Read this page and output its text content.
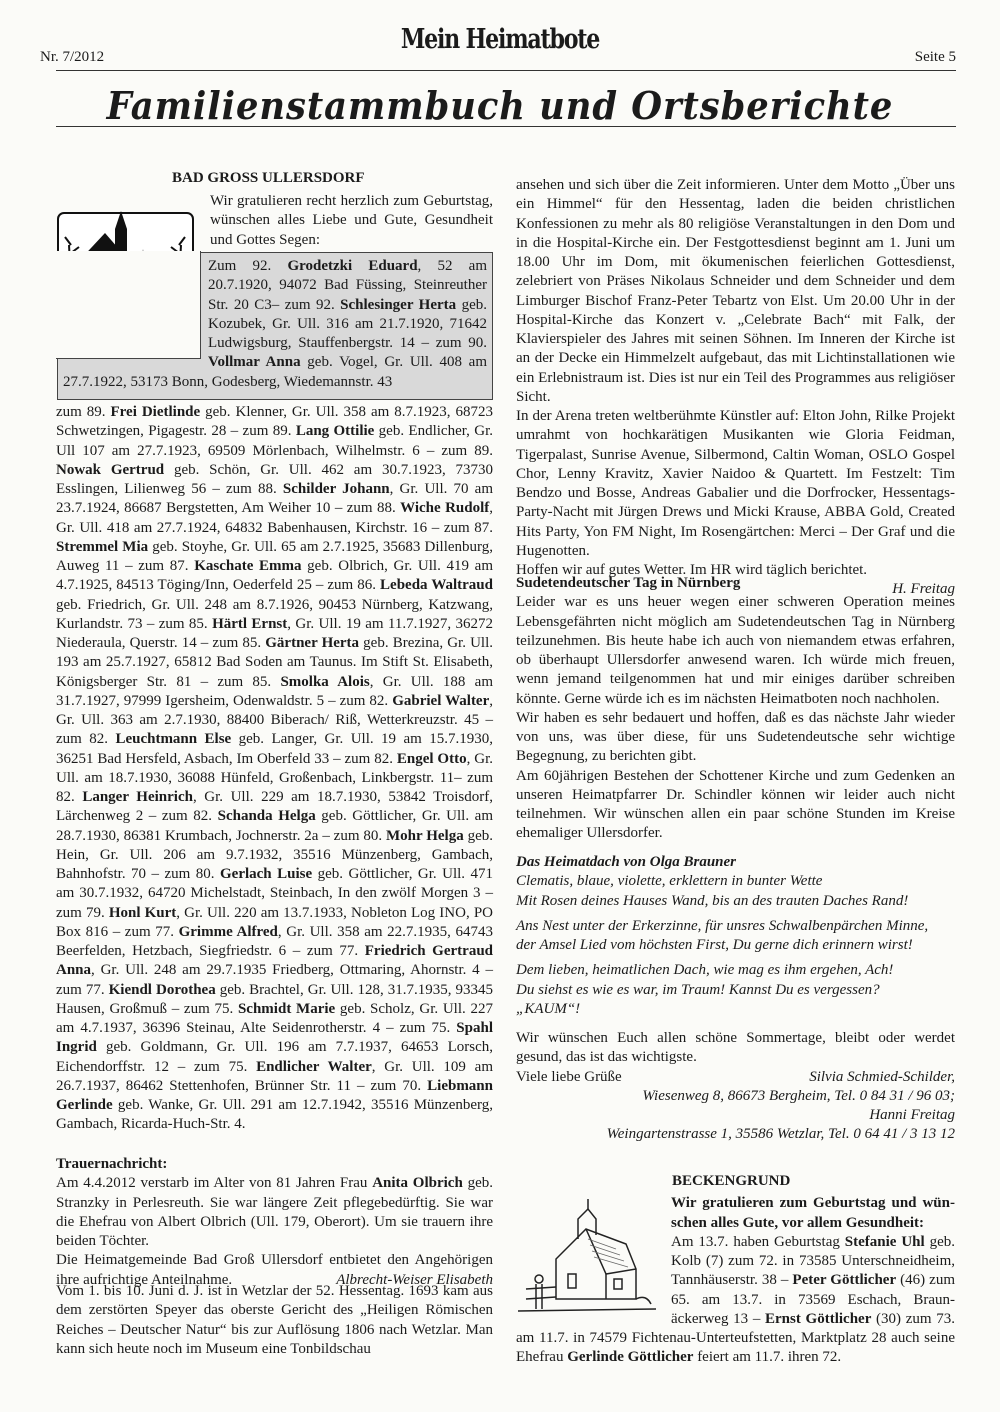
Nr. 7/2012
Mein Heimatbote
Seite 5
Familienstammbuch und Ortsberichte
BAD GROSS ULLERSDORF

Wir gratulieren recht herzlich zum Geburtstag, wünschen alles Liebe und Gute, Gesundheit und Gottes Segen:

Zum 92. Grodetzki Eduard, 52 am 20.7.1920, 94072 Bad Füssing, Steinreuther Str. 20 C3– zum 92. Schlesinger Herta geb. Kozubek, Gr. Ull. 316 am 21.7.1920, 71642 Ludwigsburg, Stauffenbergstr. 14 – zum 90. Vollmar Anna geb. Vogel, Gr. Ull. 408 am 27.7.1922, 53173 Bonn, Godesberg, Wiedemannstr. 43

zum 89. Frei Dietlinde geb. Klenner, Gr. Ull. 358 am 8.7.1923, 68723 Schwetzingen, Pigagestr. 28 – zum 89. Lang Ottilie geb. Endlicher, Gr. Ull 107 am 27.7.1923, 69509 Mörlenbach, Wilhelmstr. 6 – zum 89. Nowak Gertrud geb. Schön, Gr. Ull. 462 am 30.7.1923, 73730 Esslingen, Lilienweg 56 – zum 88. Schilder Johann, Gr. Ull. 70 am 23.7.1924, 86687 Bergstetten, Am Weiher 10 – zum 88. Wiche Rudolf, Gr. Ull. 418 am 27.7.1924, 64832 Babenhausen, Kirchstr. 16 – zum 87. Stremmel Mia geb. Stoyhe, Gr. Ull. 65 am 2.7.1925, 35683 Dillenburg, Auweg 11 – zum 87. Kaschate Emma geb. Olbrich, Gr. Ull. 419 am 4.7.1925, 84513 Töging/Inn, Oederfeld 25 – zum 86. Lebeda Waltraud geb. Friedrich, Gr. Ull. 248 am 8.7.1926, 90453 Nürnberg, Katzwang, Kurlandstr. 73 – zum 85. Härtl Ernst, Gr. Ull. 19 am 11.7.1927, 36272 Niederaula, Querstr. 14 – zum 85. Gärtner Herta geb. Brezina, Gr. Ull. 193 am 25.7.1927, 65812 Bad Soden am Taunus. Im Stift St. Elisabeth, Königsberger Str. 81 – zum 85. Smolka Alois, Gr. Ull. 188 am 31.7.1927, 97999 Igersheim, Odenwaldstr. 5 – zum 82. Gabriel Walter, Gr. Ull. 363 am 2.7.1930, 88400 Biberach/ Riß, Wetterkreuzstr. 45 – zum 82. Leuchtmann Else geb. Langer, Gr. Ull. 19 am 15.7.1930, 36251 Bad Hersfeld, Asbach, Im Oberfeld 33 – zum 82. Engel Otto, Gr. Ull. am 18.7.1930, 36088 Hünfeld, Großenbach, Linkbergstr. 11– zum 82. Langer Heinrich, Gr. Ull. 229 am 18.7.1930, 53842 Troisdorf, Lärchenweg 2 – zum 82. Schanda Helga geb. Göttlicher, Gr. Ull. am 28.7.1930, 86381 Krumbach, Jochnerstr. 2a – zum 80. Mohr Helga geb. Hein, Gr. Ull. 206 am 9.7.1932, 35516 Münzenberg, Gambach, Bahnhofstr. 70 – zum 80. Gerlach Luise geb. Göttlicher, Gr. Ull. 471 am 30.7.1932, 64720 Michelstadt, Steinbach, In den zwölf Morgen 3 – zum 79. Honl Kurt, Gr. Ull. 220 am 13.7.1933, Nobleton Log INO, PO Box 816 – zum 77. Grimme Alfred, Gr. Ull. 358 am 22.7.1935, 64743 Beerfelden, Hetzbach, Siegfriedstr. 6 – zum 77. Friedrich Gertraud Anna, Gr. Ull. 248 am 29.7.1935 Friedberg, Ottmaring, Ahornstr. 4 – zum 77. Kiendl Dorothea geb. Brachtel, Gr. Ull. 128, 31.7.1935, 93345 Hausen, Großmuß – zum 75. Schmidt Marie geb. Scholz, Gr. Ull. 227 am 4.7.1937, 36396 Steinau, Alte Seidenrotherstr. 4 – zum 75. Spahl Ingrid geb. Goldmann, Gr. Ull. 196 am 7.7.1937, 64653 Lorsch, Eichendorffstr. 12 – zum 75. Endlicher Walter, Gr. Ull. 109 am 26.7.1937, 86462 Stettenhofen, Brünner Str. 11 – zum 70. Liebmann Gerlinde geb. Wanke, Gr. Ull. 291 am 12.7.1942, 35516 Münzenberg, Gambach, Ricarda-Huch-Str. 4.

Trauernachricht:

Am 4.4.2012 verstarb im Alter von 81 Jahren Frau Anita Olbrich geb. Stranzky in Perlesreuth. Sie war längere Zeit pflegebedürftig. Sie war die Ehefrau von Albert Olbrich (Ull. 179, Oberort). Um sie trauern ihre beiden Töchter.

Die Heimatgemeinde Bad Groß Ullersdorf entbietet den Angehörigen ihre aufrichtige Anteilnahme.	Albrecht-Weiser Elisabeth

Vom 1. bis 10. Juni d. J. ist in Wetzlar der 52. Hessentag. 1693 kam aus dem zerstörten Speyer das oberste Gericht des „Heiligen Römischen Reiches – Deutscher Natur“ bis zur Auflösung 1806 nach Wetzlar. Man kann sich heute noch im Museum eine Tonbildschau

ansehen und sich über die Zeit informieren. Unter dem Motto „Über uns ein Himmel“ für den Hessentag, laden die beiden christlichen Konfessionen zu mehr als 80 religiöse Veranstaltungen in den Dom und in die Hospital-Kirche ein. Der Festgottesdienst beginnt am 1. Juni um 18.00 Uhr im Dom, mit ökumenischen feierlichen Gottesdienst, zelebriert von Präses Nikolaus Schneider und dem Schneider und dem Limburger Bischof Franz-Peter Tebartz von Elst. Um 20.00 Uhr in der Hospital-Kirche das Konzert v. „Celebrate Bach“ mit Falk, der Klavierspieler des Jahres mit seinen Söhnen. Im Inneren der Kirche ist an der Decke ein Himmelzelt aufgebaut, das mit Lichtinstallationen wie ein Erlebnistraum ist. Dies ist nur ein Teil des Programmes aus religiöser Sicht.

In der Arena treten weltberühmte Künstler auf: Elton John, Rilke Projekt umrahmt von hochkarätigen Musikanten wie Gloria Feidman, Tigerpalast, Sunrise Avenue, Silbermond, Caltin Woman, OSLO Gospel Chor, Lenny Kravitz, Xavier Naidoo & Quartett. Im Festzelt: Tim Bendzo und Bosse, Andreas Gabalier und die Dorfrocker, Hessentags-Party-Nacht mit Jürgen Drews und Micki Krause, ABBA Gold, Created Hits Party, Yon FM Night, Im Rosengärtchen: Merci – Der Graf und die Hugenotten.

Hoffen wir auf gutes Wetter. Im HR wird täglich berichtet.

H. Freitag

Sudetendeutscher Tag in Nürnberg

Leider war es uns heuer wegen einer schweren Operation meines Lebensgefährten nicht möglich am Sudetendeutschen Tag in Nürnberg teilzunehmen. Bis heute habe ich auch von niemandem etwas erfahren, ob überhaupt Ullersdorfer anwesend waren. Ich würde mich freuen, wenn jemand teilgenommen hat und mir einiges darüber schreiben könnte. Gerne würde ich es im nächsten Heimatboten noch nachholen.

Wir haben es sehr bedauert und hoffen, daß es das nächste Jahr wieder von uns, was über diese, für uns Sudetendeutsche sehr wichtige Begegnung, zu berichten gibt.

Am 60jährigen Bestehen der Schottener Kirche und zum Gedenken an unseren Heimatpfarrer Dr. Schindler können wir leider auch nicht teilnehmen. Wir wünschen allen ein paar schöne Stunden im Kreise ehemaliger Ullersdorfer.

Das Heimatdach von Olga Brauner
Clematis, blaue, violette, erklettern in bunter Wette
Mit Rosen deines Hauses Wand, bis an des trauten Daches Rand!
Ans Nest unter der Erkerzinne, für unsres Schwalbenpärchen Minne,
der Amsel Lied vom höchsten First, Du gerne dich erinnern wirst!
Dem lieben, heimatlichen Dach, wie mag es ihm ergehen, Ach!
Du siehst es wie es war, im Traum! Kannst Du es vergessen?
„KAUM“!

Wir wünschen Euch allen schöne Sommertage, bleibt oder werdet gesund, das ist das wichtigste.

Viele liebe Grüße	Silvia Schmied-Schilder,
Wiesenweg 8, 86673 Bergheim, Tel. 0 84 31 / 96 03;
Hanni Freitag
Weingartenstrasse 1, 35586 Wetzlar, Tel. 0 64 41 / 3 13 12
BECKENGRUND

Wir gratulieren zum Geburtstag und wünschen alles Gute, vor allem Gesundheit:

Am 13.7. haben Geburtstag Stefanie Uhl geb. Kolb (7) zum 72. in 73585 Unterschneidheim, Tannhäuserstr. 38 – Peter Göttlicher (46) zum 65. am 13.7. in 73569 Eschach, Braunäckerweg 13 – Ernst Göttlicher (30) zum 73. am 11.7. in 74579 Fichtenau-Unterteufstetten, Marktplatz 28 auch seine Ehefrau Gerlinde Göttlicher feiert am 11.7. ihren 72.
